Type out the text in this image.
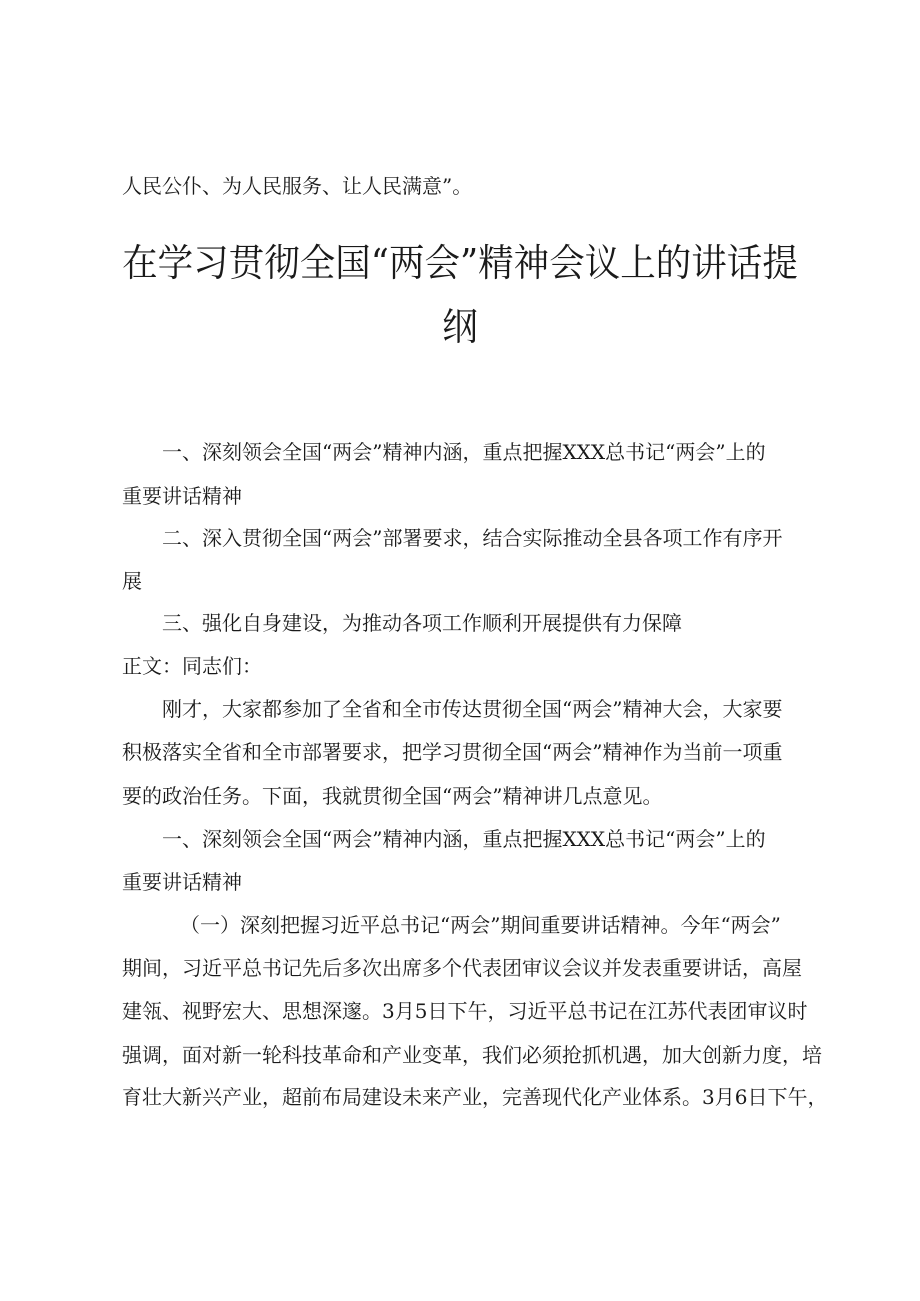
人民公仆、为人民服务、让人民满意”。

在学习贯彻全国“两会”精神会议上的讲话提
纲

一、深刻领会全国“两会”精神内涵，重点把握XXX总书记“两会”上的

重要讲话精神

二、深入贯彻全国“两会”部署要求，结合实际推动全县各项工作有序开

展

三、强化自身建设，为推动各项工作顺利开展提供有力保障

正文：同志们：

刚才，大家都参加了全省和全市传达贯彻全国“两会”精神大会，大家要

积极落实全省和全市部署要求，把学习贯彻全国“两会”精神作为当前一项重

要的政治任务。下面，我就贯彻全国“两会”精神讲几点意见。

一、深刻领会全国“两会”精神内涵，重点把握XXX总书记“两会”上的

重要讲话精神

（一）深刻把握习近平总书记“两会”期间重要讲话精神。今年“两会”

期间，习近平总书记先后多次出席多个代表团审议会议并发表重要讲话，高屋

建瓴、视野宏大、思想深邃。3月5日下午，习近平总书记在江苏代表团审议时

强调，面对新一轮科技革命和产业变革，我们必须抢抓机遇，加大创新力度，培

育壮大新兴产业，超前布局建设未来产业，完善现代化产业体系。3月6日下午，
